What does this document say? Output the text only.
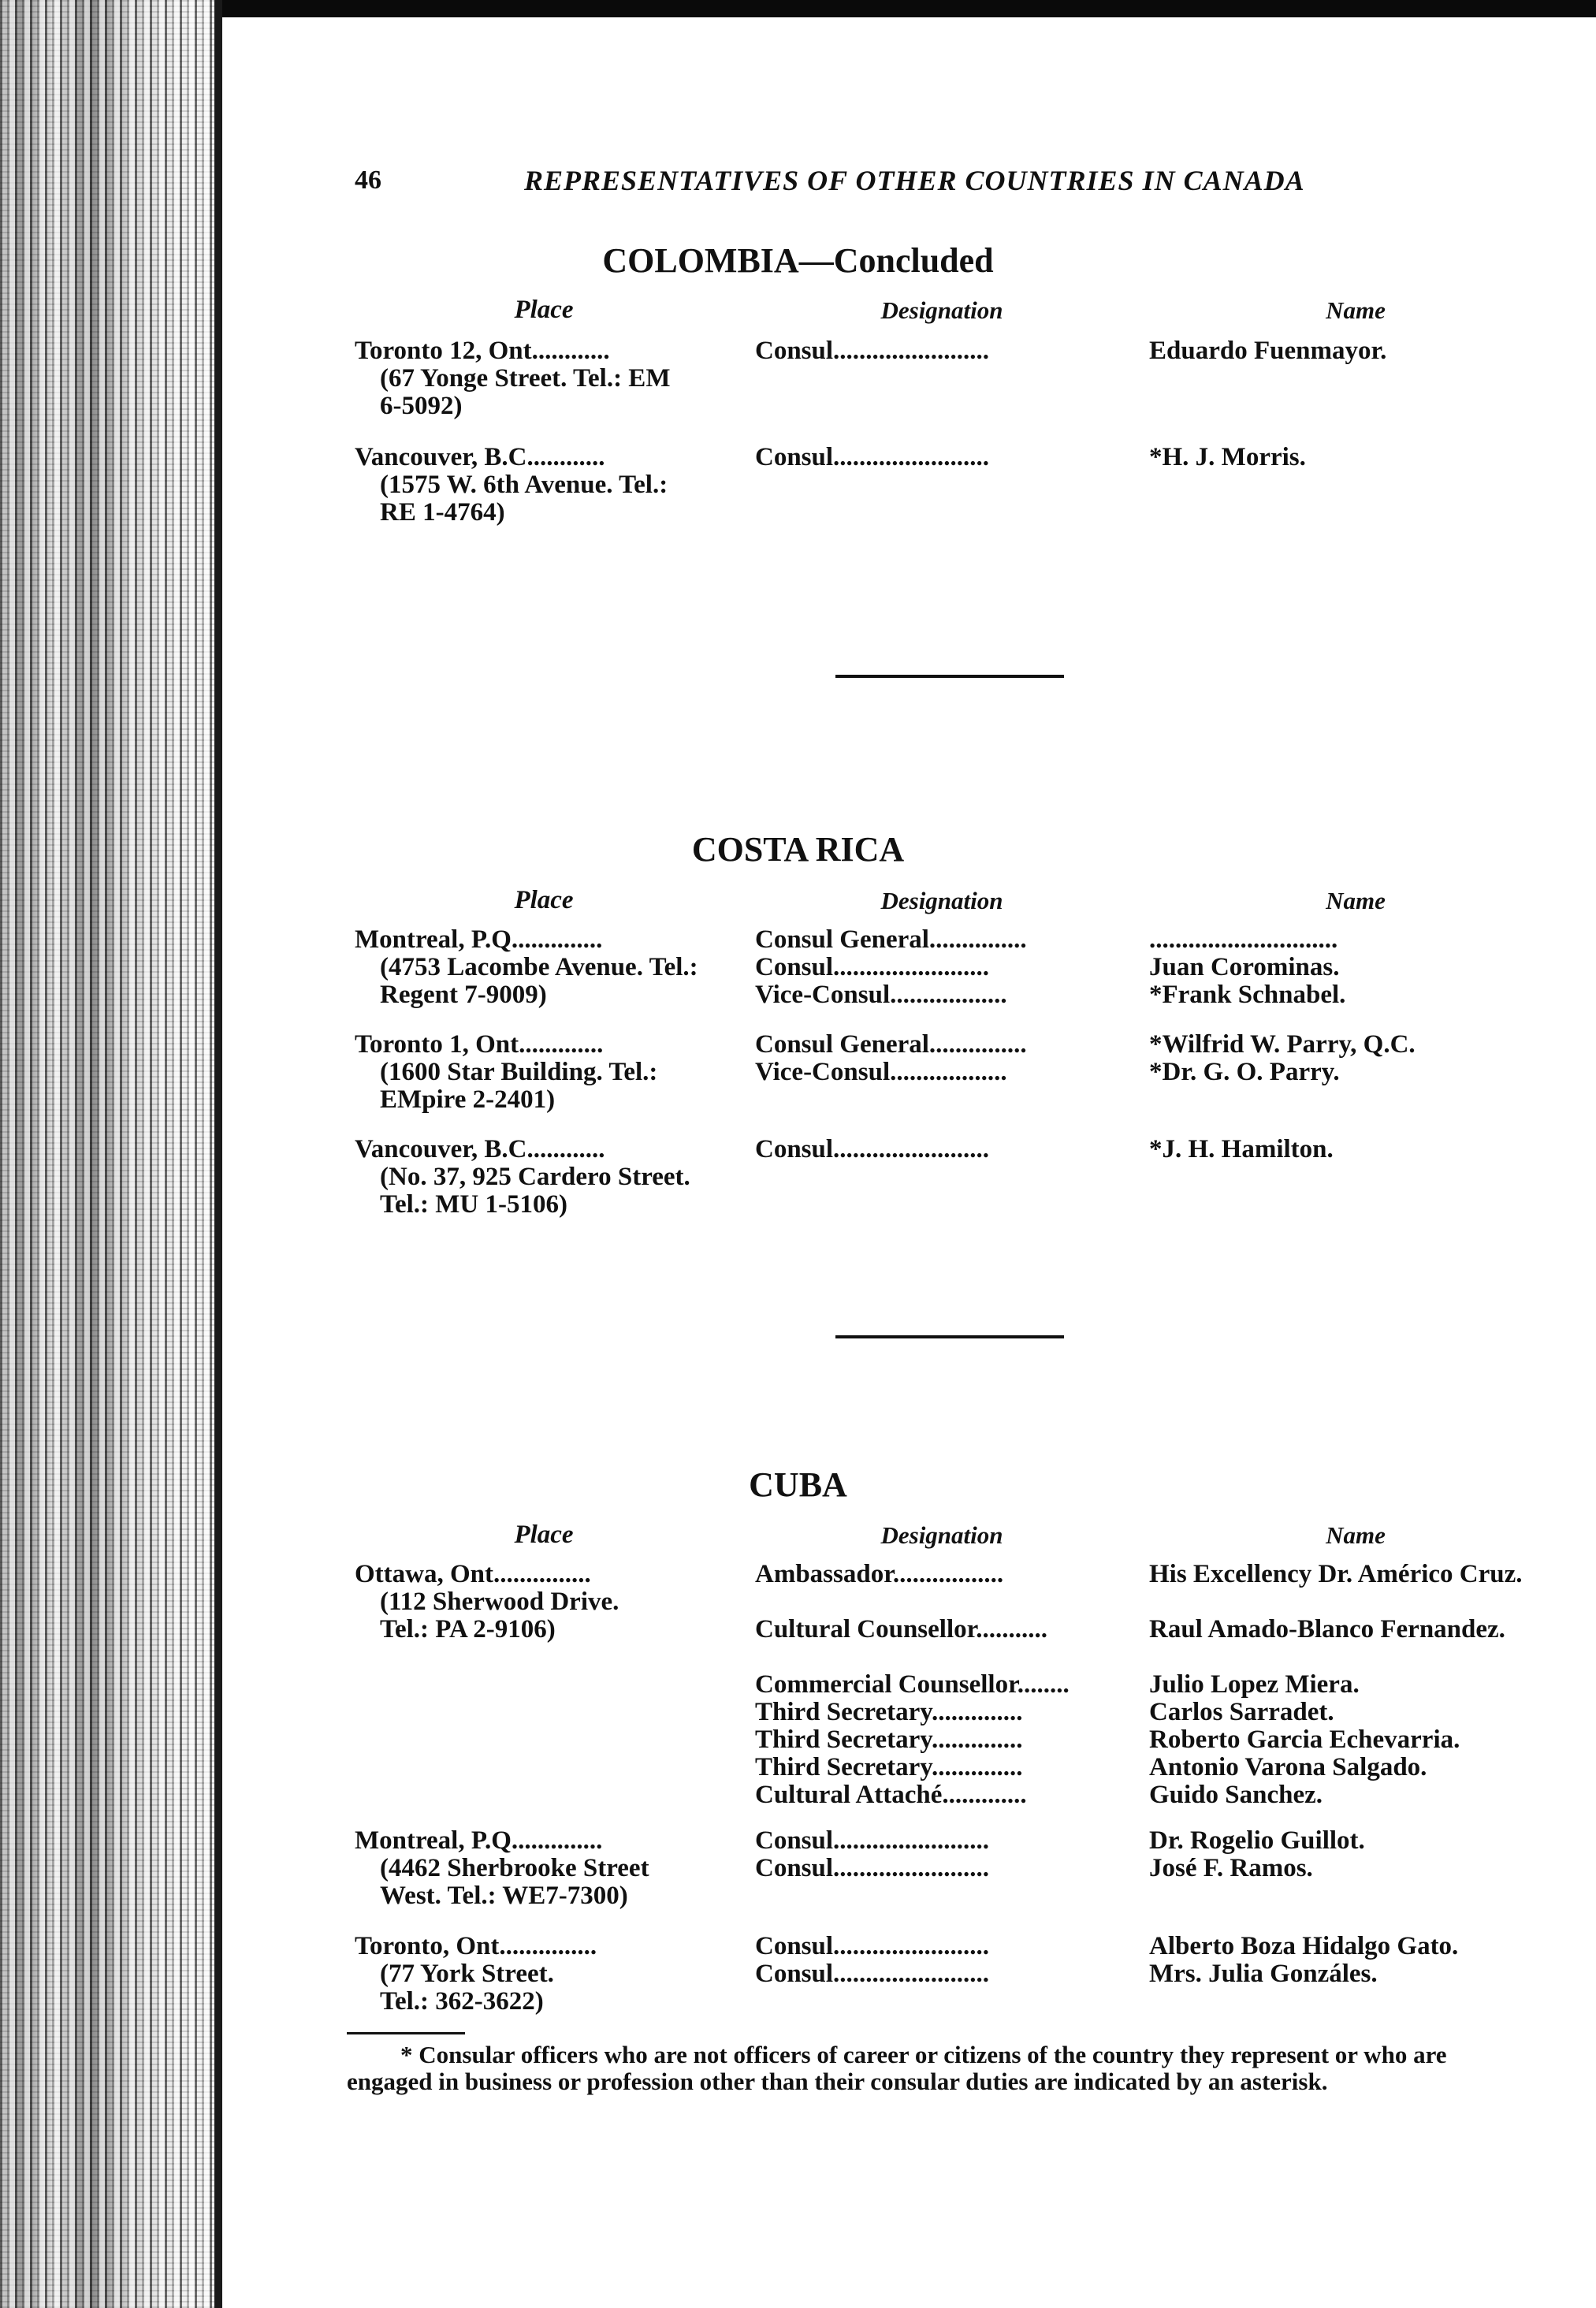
46	REPRESENTATIVES OF OTHER COUNTRIES IN CANADA
COLOMBIA—Concluded
Place	Designation	Name
Toronto 12, Ont............
(67 Yonge Street. Tel.: EM
6-5092)
Consul........................	Eduardo Fuenmayor.
Vancouver, B.C............
(1575 W. 6th Avenue. Tel.:
RE 1-4764)
Consul........................	*H. J. Morris.
COSTA RICA
Place	Designation	Name
Montreal, P.Q..............
(4753 Lacombe Avenue. Tel.:
Regent 7-9009)
Consul General...............	.............................
Consul........................	Juan Corominas.
Vice-Consul..................	*Frank Schnabel.
Toronto 1, Ont.............
(1600 Star Building. Tel.:
EMpire 2-2401)
Consul General...............	*Wilfrid W. Parry, Q.C.
Vice-Consul..................	*Dr. G. O. Parry.
Vancouver, B.C............
(No. 37, 925 Cardero Street.
Tel.: MU 1-5106)
Consul........................	*J. H. Hamilton.
CUBA
Place	Designation	Name
Ottawa, Ont...............
(112 Sherwood Drive.
Tel.: PA 2-9106)
Ambassador.................	His Excellency Dr. Américo Cruz.
Cultural Counsellor...........	Raul Amado-Blanco Fernandez.
Commercial Counsellor........	Julio Lopez Miera.
Third Secretary..............	Carlos Sarradet.
Third Secretary..............	Roberto Garcia Echevarria.
Third Secretary..............	Antonio Varona Salgado.
Cultural Attaché.............	Guido Sanchez.
Montreal, P.Q..............
(4462 Sherbrooke Street
West. Tel.: WE7-7300)
Consul........................	Dr. Rogelio Guillot.
Consul........................	José F. Ramos.
Toronto, Ont...............
(77 York Street.
Tel.: 362-3622)
Consul........................	Alberto Boza Hidalgo Gato.
Consul........................	Mrs. Julia Gonzáles.
* Consular officers who are not officers of career or citizens of the country they represent or who are engaged in business or profession other than their consular duties are indicated by an asterisk.
